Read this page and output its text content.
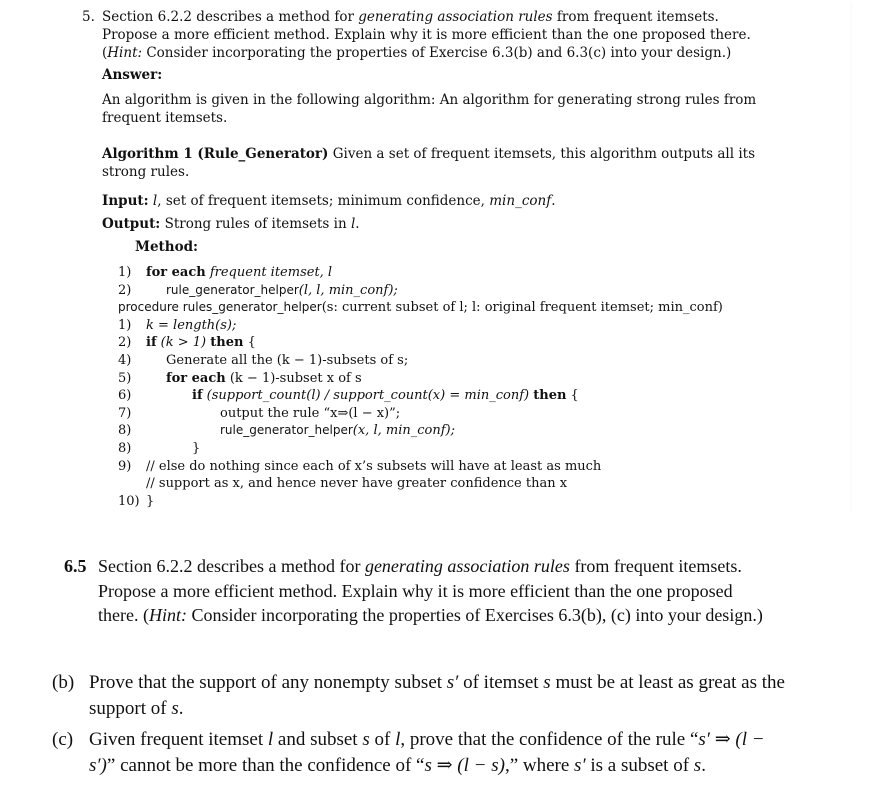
5. Section 6.2.2 describes a method for generating association rules from frequent itemsets. Propose a more efficient method. Explain why it is more efficient than the one proposed there. (Hint: Consider incorporating the properties of Exercise 6.3(b) and 6.3(c) into your design.)
Answer:
An algorithm is given in the following algorithm: An algorithm for generating strong rules from frequent itemsets.
Algorithm 1 (Rule_Generator) Given a set of frequent itemsets, this algorithm outputs all its strong rules.
Input: l, set of frequent itemsets; minimum confidence, min_conf.
Output: Strong rules of itemsets in l.
Method:
1) for each frequent itemset, l
2)	rule_generator_helper(l, l, min_conf);
procedure rules_generator_helper(s: current subset of l; l: original frequent itemset; min_conf)
1) k = length(s);
2) if (k > 1) then {
4)	Generate all the (k − 1)-subsets of s;
5)	for each (k − 1)-subset x of s
6)	if (support_count(l) / support_count(x) = min_conf) then {
7)	output the rule “x⇒(l − x)”;
8)	rule_generator_helper(x, l, min_conf);
8)	}
9) // else do nothing since each of x’s subsets will have at least as much
// support as x, and hence never have greater confidence than x
10) }
6.5 Section 6.2.2 describes a method for generating association rules from frequent itemsets. Propose a more efficient method. Explain why it is more efficient than the one proposed there. (Hint: Consider incorporating the properties of Exercises 6.3(b), (c) into your design.)
(b) Prove that the support of any nonempty subset s′ of itemset s must be at least as great as the support of s.
(c) Given frequent itemset l and subset s of l, prove that the confidence of the rule “s′ ⇒ (l − s′)” cannot be more than the confidence of “s ⇒ (l − s),” where s′ is a subset of s.
